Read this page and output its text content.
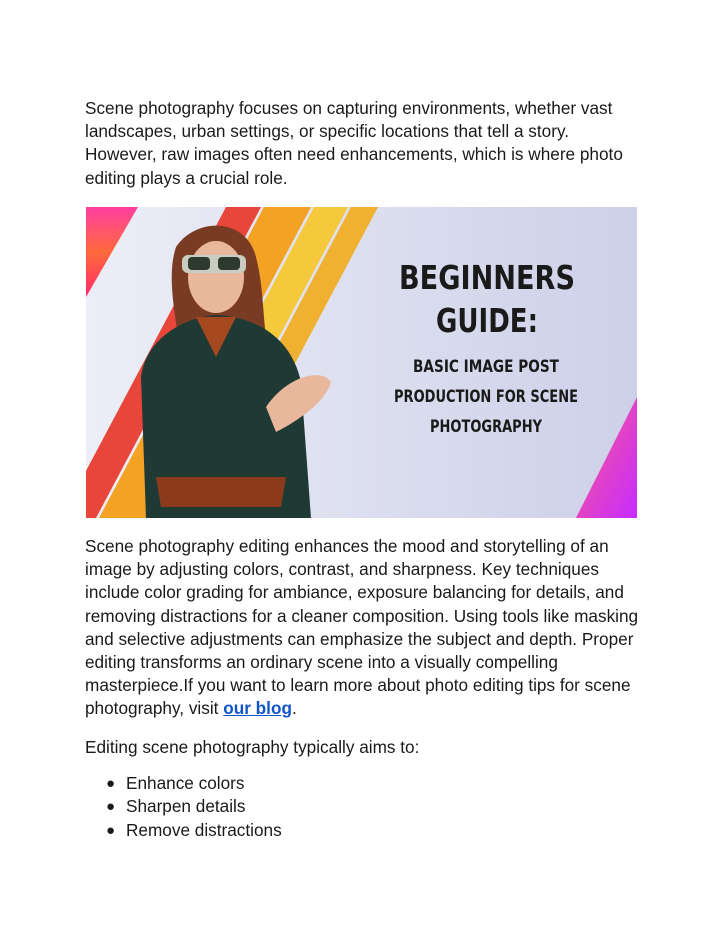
Scene photography focuses on capturing environments, whether vast landscapes, urban settings, or specific locations that tell a story. However, raw images often need enhancements, which is where photo editing plays a crucial role.

BEGINNERS
GUIDE:
BASIC IMAGE POST
PRODUCTION FOR SCENE
PHOTOGRAPHY

Scene photography editing enhances the mood and storytelling of an image by adjusting colors, contrast, and sharpness. Key techniques include color grading for ambiance, exposure balancing for details, and removing distractions for a cleaner composition. Using tools like masking and selective adjustments can emphasize the subject and depth. Proper editing transforms an ordinary scene into a visually compelling masterpiece.If you want to learn more about photo editing tips for scene photography, visit our blog.

Editing scene photography typically aims to:

● Enhance colors
● Sharpen details
● Remove distractions
